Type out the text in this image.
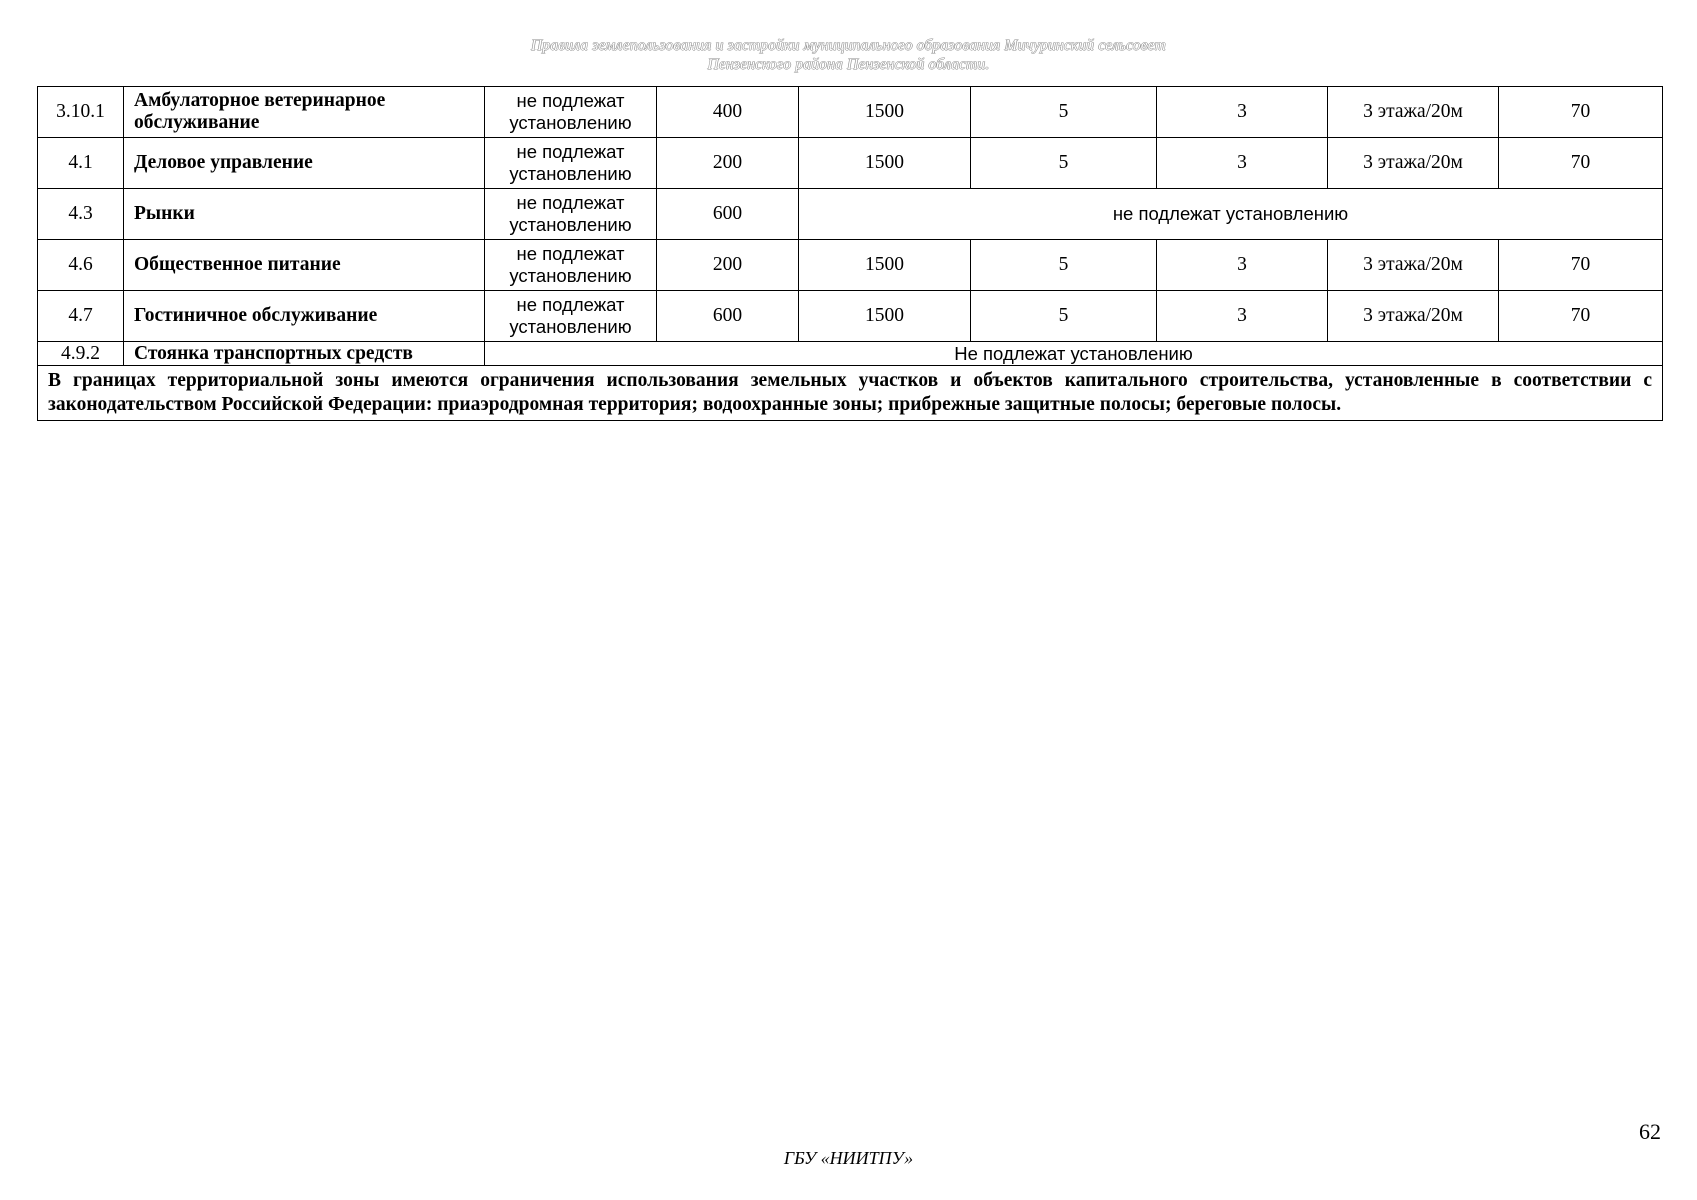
Правила землепользования и застройки муниципального образования Мичуринский сельсовет
Пензенского района Пензенской области.
3.10.1	Амбулаторное ветеринарное обслуживание	не подлежат установлению	400	1500	5	3	3 этажа/20м	70
4.1	Деловое управление	не подлежат установлению	200	1500	5	3	3 этажа/20м	70
4.3	Рынки	не подлежат установлению	600	не подлежат установлению				
4.6	Общественное питание	не подлежат установлению	200	1500	5	3	3 этажа/20м	70
4.7	Гостиничное обслуживание	не подлежат установлению	600	1500	5	3	3 этажа/20м	70
4.9.2	Стоянка транспортных средств	Не подлежат установлению						
В границах территориальной зоны имеются ограничения использования земельных участков и объектов капитального строительства, установленные в соответствии с законодательством Российской Федерации: приаэродромная территория; водоохранные зоны; прибрежные защитные полосы; береговые полосы.								
62
ГБУ «НИИТПУ»
